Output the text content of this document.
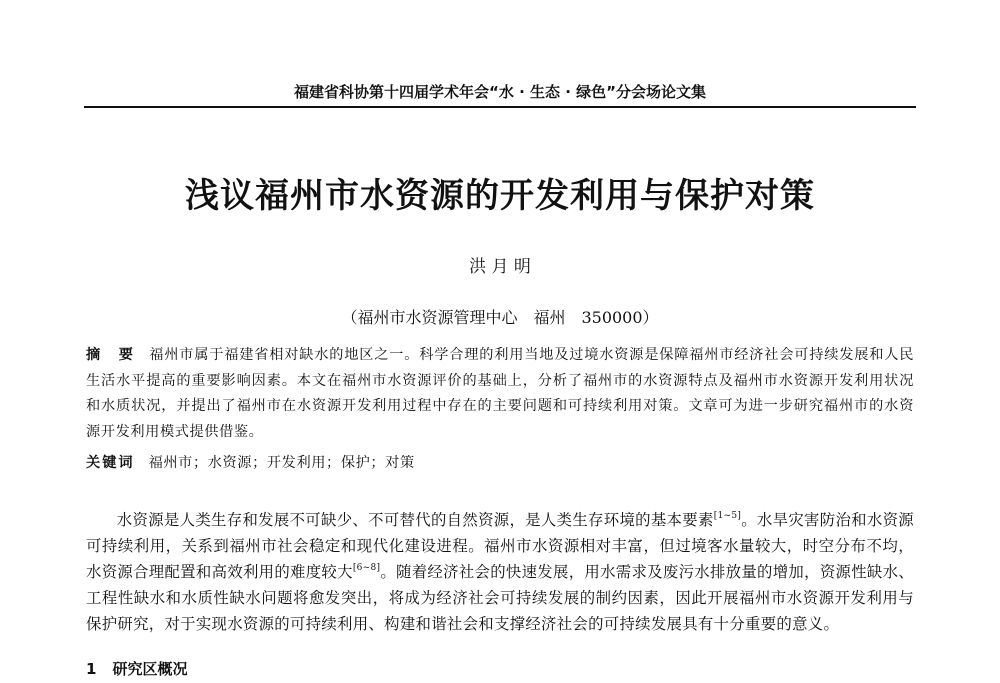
福建省科协第十四届学术年会“水 · 生态 · 绿色”分会场论文集
浅议福州市水资源的开发利用与保护对策
洪 月 明
（福州市水资源管理中心　福州　350000）
摘　要 福州市属于福建省相对缺水的地区之一。科学合理的利用当地及过境水资源是保障福州市经济社会可持续发展和人民生活水平提高的重要影响因素。本文在福州市水资源评价的基础上，分析了福州市的水资源特点及福州市水资源开发利用状况和水质状况，并提出了福州市在水资源开发利用过程中存在的主要问题和可持续利用对策。文章可为进一步研究福州市的水资源开发利用模式提供借鉴。
关键词 福州市；水资源；开发利用；保护；对策
水资源是人类生存和发展不可缺少、不可替代的自然资源，是人类生存环境的基本要素[1~5]。水旱灾害防治和水资源可持续利用，关系到福州市社会稳定和现代化建设进程。福州市水资源相对丰富，但过境客水量较大，时空分布不均，水资源合理配置和高效利用的难度较大[6~8]。随着经济社会的快速发展，用水需求及废污水排放量的增加，资源性缺水、工程性缺水和水质性缺水问题将愈发突出，将成为经济社会可持续发展的制约因素，因此开展福州市水资源开发利用与保护研究，对于实现水资源的可持续利用、构建和谐社会和支撑经济社会的可持续发展具有十分重要的意义。
1 研究区概况
